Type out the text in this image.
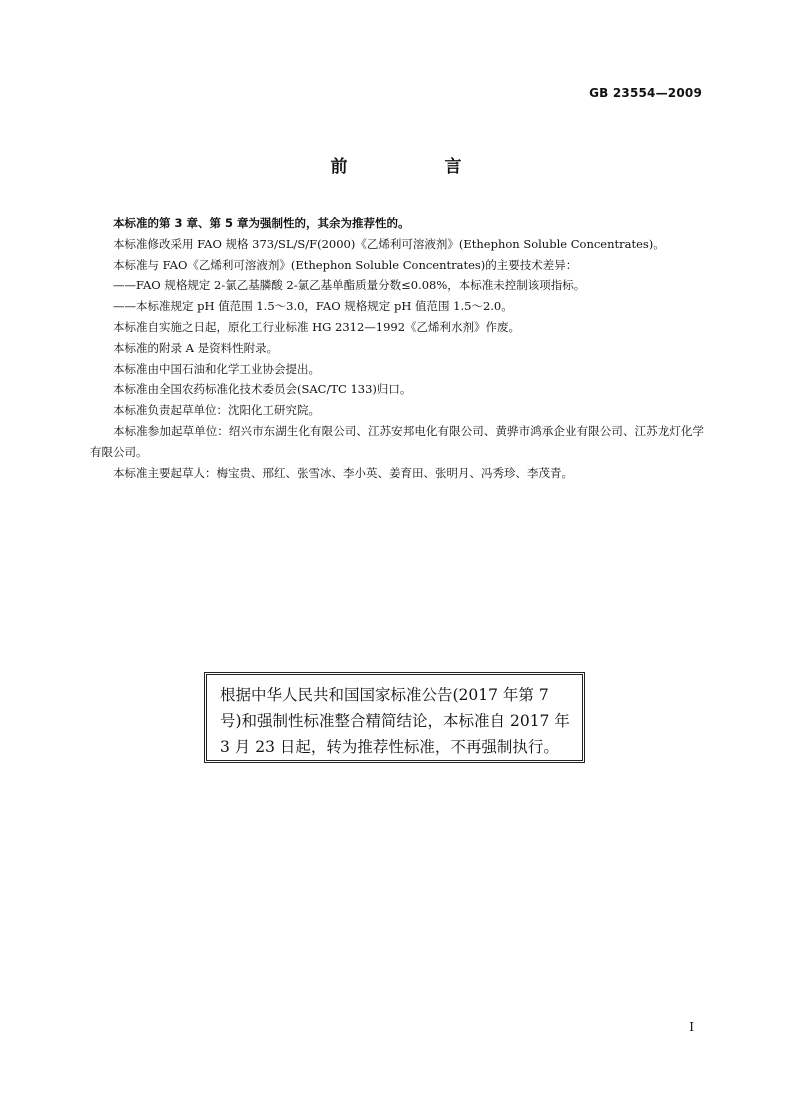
GB 23554—2009
前　言

本标准的第 3 章、第 5 章为强制性的，其余为推荐性的。

本标准修改采用 FAO 规格 373/SL/S/F(2000)《乙烯利可溶液剂》(Ethephon Soluble Concentrates)。

本标准与 FAO《乙烯利可溶液剂》(Ethephon Soluble Concentrates)的主要技术差异：

——FAO 规格规定 2-氯乙基膦酸 2-氯乙基单酯质量分数≤0.08%，本标准未控制该项指标。

——本标准规定 pH 值范围 1.5～3.0，FAO 规格规定 pH 值范围 1.5～2.0。

本标准自实施之日起，原化工行业标准 HG 2312—1992《乙烯利水剂》作废。

本标准的附录 A 是资料性附录。

本标准由中国石油和化学工业协会提出。

本标准由全国农药标准化技术委员会(SAC/TC 133)归口。

本标准负责起草单位：沈阳化工研究院。

本标准参加起草单位：绍兴市东湖生化有限公司、江苏安邦电化有限公司、黄骅市鸿承企业有限公司、江苏龙灯化学有限公司。

本标准主要起草人：梅宝贵、邢红、张雪冰、李小英、姜育田、张明月、冯秀珍、李茂青。

根据中华人民共和国国家标准公告(2017 年第 7 号)和强制性标准整合精简结论，本标准自 2017 年 3 月 23 日起，转为推荐性标准，不再强制执行。
I
